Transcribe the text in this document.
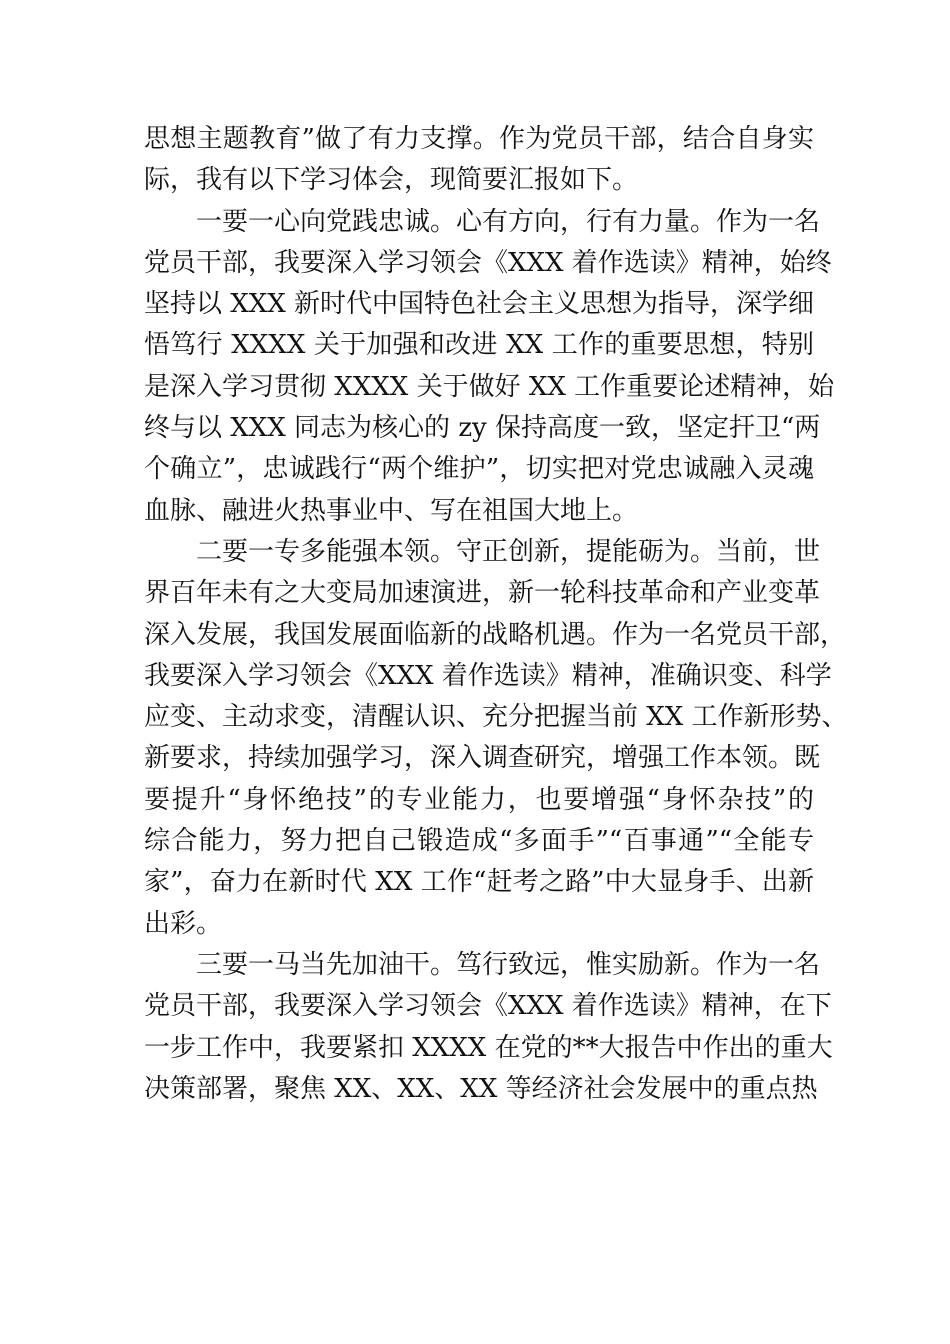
思想主题教育”做了有力支撑。作为党员干部，结合自身实
际，我有以下学习体会，现简要汇报如下。
一要一心向党践忠诚。心有方向，行有力量。作为一名
党员干部，我要深入学习领会《XXX 着作选读》精神，始终
坚持以 XXX 新时代中国特色社会主义思想为指导，深学细
悟笃行 XXXX 关于加强和改进 XX 工作的重要思想，特别
是深入学习贯彻 XXXX 关于做好 XX 工作重要论述精神，始
终与以 XXX 同志为核心的 zy 保持高度一致，坚定扞卫“两
个确立”，忠诚践行“两个维护”，切实把对党忠诚融入灵魂
血脉、融进火热事业中、写在祖国大地上。
二要一专多能强本领。守正创新，提能砺为。当前，世
界百年未有之大变局加速演进，新一轮科技革命和产业变革
深入发展，我国发展面临新的战略机遇。作为一名党员干部，
我要深入学习领会《XXX 着作选读》精神，准确识变、科学
应变、主动求变，清醒认识、充分把握当前 XX 工作新形势、
新要求，持续加强学习，深入调查研究，增强工作本领。既
要提升“身怀绝技”的专业能力，也要增强“身怀杂技”的
综合能力，努力把自己锻造成“多面手”“百事通”“全能专
家”，奋力在新时代 XX 工作“赶考之路”中大显身手、出新
出彩。
三要一马当先加油干。笃行致远，惟实励新。作为一名
党员干部，我要深入学习领会《XXX 着作选读》精神，在下
一步工作中，我要紧扣 XXXX 在党的**大报告中作出的重大
决策部署，聚焦 XX、XX、XX 等经济社会发展中的重点热
